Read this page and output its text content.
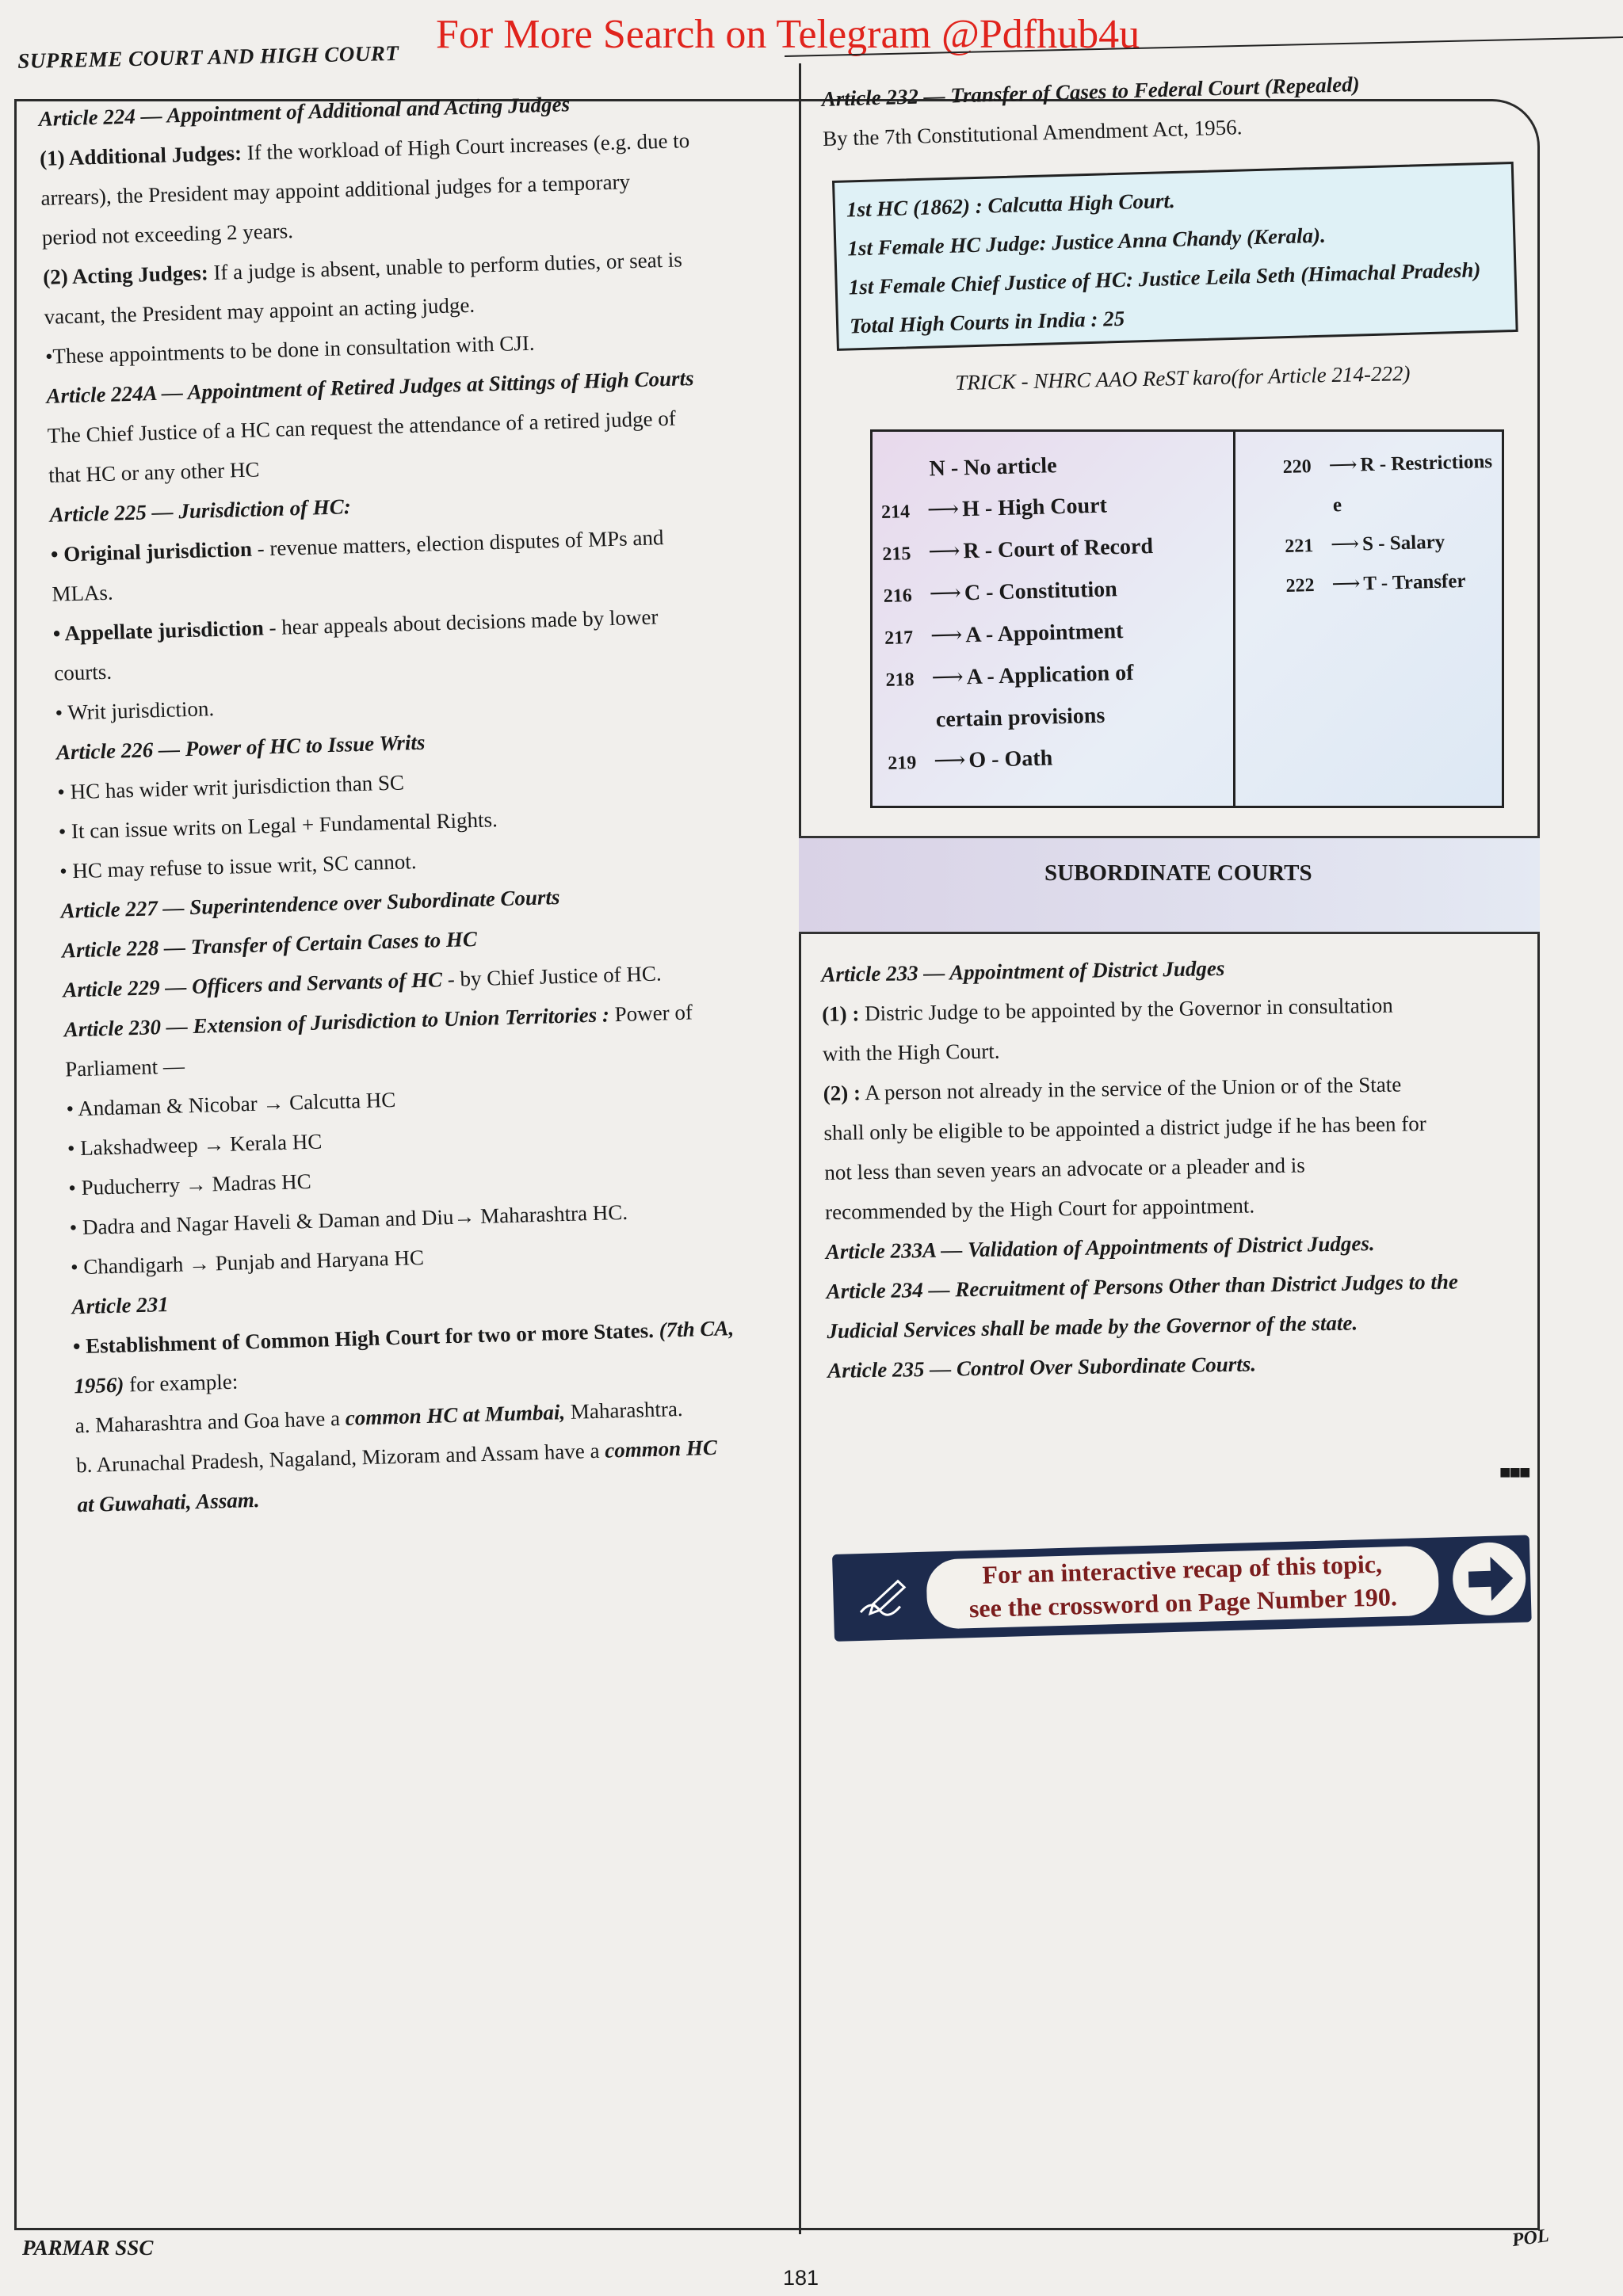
SUPREME COURT AND HIGH COURT For More Search on Telegram @Pdfhub4u
Article 224 — Appointment of Additional and Acting Judges
(1) Additional Judges: If the workload of High Court increases (e.g. due to
arrears), the President may appoint additional judges for a temporary
period not exceeding 2 years.
(2) Acting Judges: If a judge is absent, unable to perform duties, or seat is
vacant, the President may appoint an acting judge.
•These appointments to be done in consultation with CJI.
Article 224A — Appointment of Retired Judges at Sittings of High Courts
The Chief Justice of a HC can request the attendance of a retired judge of
that HC or any other HC
Article 225 — Jurisdiction of HC:
• Original jurisdiction - revenue matters, election disputes of MPs and
MLAs.
• Appellate jurisdiction - hear appeals about decisions made by lower
courts.
• Writ jurisdiction.
Article 226 — Power of HC to Issue Writs
• HC has wider writ jurisdiction than SC
• It can issue writs on Legal + Fundamental Rights.
• HC may refuse to issue writ, SC cannot.
Article 227 — Superintendence over Subordinate Courts
Article 228 — Transfer of Certain Cases to HC
Article 229 — Officers and Servants of HC - by Chief Justice of HC.
Article 230 — Extension of Jurisdiction to Union Territories : Power of
Parliament —
• Andaman & Nicobar → Calcutta HC
• Lakshadweep → Kerala HC
• Puducherry → Madras HC
• Dadra and Nagar Haveli & Daman and Diu→ Maharashtra HC.
• Chandigarh → Punjab and Haryana HC
Article 231
• Establishment of Common High Court for two or more States. (7th CA,
1956) for example:
a. Maharashtra and Goa have a common HC at Mumbai, Maharashtra.
b. Arunachal Pradesh, Nagaland, Mizoram and Assam have a common HC
at Guwahati, Assam.
Article 232 — Transfer of Cases to Federal Court (Repealed)
By the 7th Constitutional Amendment Act, 1956.
1st HC (1862) : Calcutta High Court.
1st Female HC Judge: Justice Anna Chandy (Kerala).
1st Female Chief Justice of HC: Justice Leila Seth (Himachal Pradesh)
Total High Courts in India : 25
TRICK - NHRC AAO ReST karo(for Article 214-222)
N - No article
214 ⟶ H - High Court
215 ⟶ R - Court of Record
216 ⟶ C - Constitution
217 ⟶ A - Appointment
218 ⟶ A - Application of
certain provisions
219 ⟶ O - Oath
220 ⟶ R - Restrictions
e
221 ⟶ S - Salary
222 ⟶ T - Transfer
SUBORDINATE COURTS
Article 233 — Appointment of District Judges
(1) : Distric Judge to be appointed by the Governor in consultation
with the High Court.
(2) : A person not already in the service of the Union or of the State
shall only be eligible to be appointed a district judge if he has been for
not less than seven years an advocate or a pleader and is
recommended by the High Court for appointment.
Article 233A — Validation of Appointments of District Judges.
Article 234 — Recruitment of Persons Other than District Judges to the
Judicial Services shall be made by the Governor of the state.
Article 235 — Control Over Subordinate Courts.
■■■
For an interactive recap of this topic,
see the crossword on Page Number 190.
PARMAR SSC
181
POL
